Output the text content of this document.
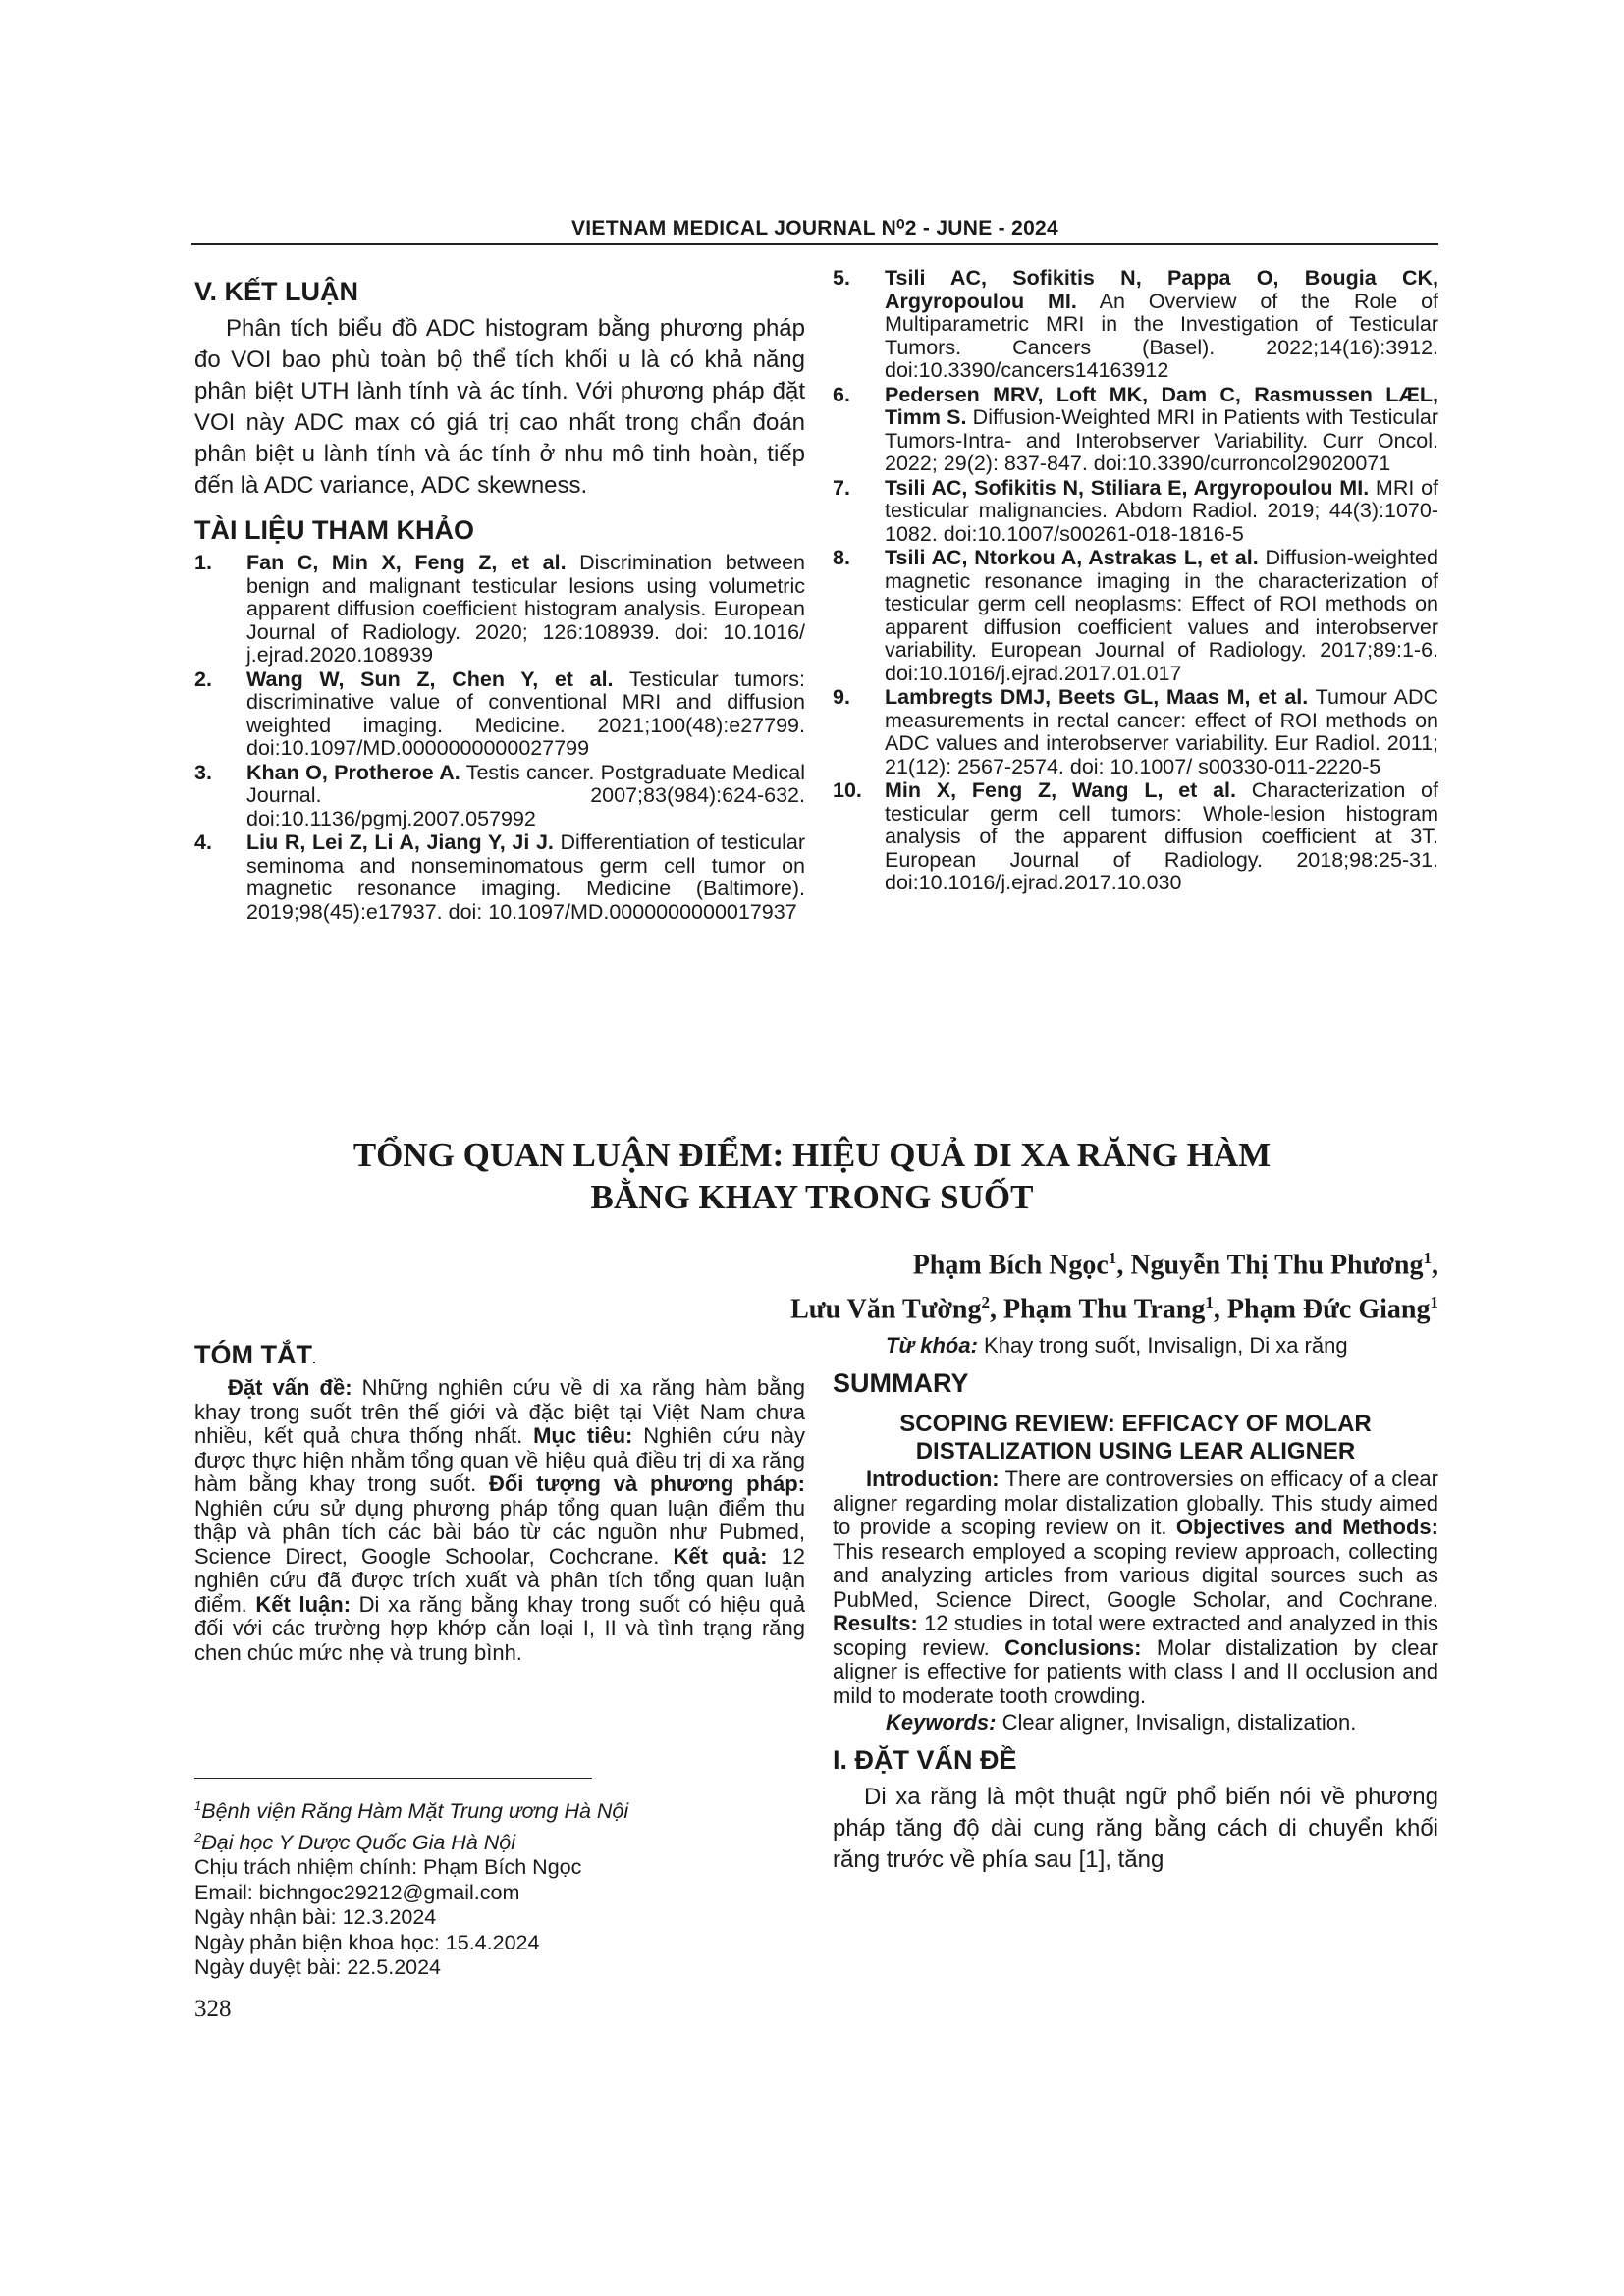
VIETNAM MEDICAL JOURNAL N⁰2 - JUNE - 2024
V. KẾT LUẬN

Phân tích biểu đồ ADC histogram bằng phương pháp đo VOI bao phù toàn bộ thể tích khối u là có khả năng phân biệt UTH lành tính và ác tính. Với phương pháp đặt VOI này ADC max có giá trị cao nhất trong chẩn đoán phân biệt u lành tính và ác tính ở nhu mô tinh hoàn, tiếp đến là ADC variance, ADC skewness.

TÀI LIỆU THAM KHẢO
1. Fan C, Min X, Feng Z, et al. Discrimination between benign and malignant testicular lesions using volumetric apparent diffusion coefficient histogram analysis. European Journal of Radiology. 2020; 126:108939. doi: 10.1016/ j.ejrad.2020.108939
2. Wang W, Sun Z, Chen Y, et al. Testicular tumors: discriminative value of conventional MRI and diffusion weighted imaging. Medicine. 2021;100(48):e27799. doi:10.1097/MD.0000000000027799
3. Khan O, Protheroe A. Testis cancer. Postgraduate Medical Journal. 2007;83(984):624-632. doi:10.1136/pgmj.2007.057992
4. Liu R, Lei Z, Li A, Jiang Y, Ji J. Differentiation of testicular seminoma and nonseminomatous germ cell tumor on magnetic resonance imaging. Medicine (Baltimore). 2019;98(45):e17937. doi: 10.1097/MD.0000000000017937
5. Tsili AC, Sofikitis N, Pappa O, Bougia CK, Argyropoulou MI. An Overview of the Role of Multiparametric MRI in the Investigation of Testicular Tumors. Cancers (Basel). 2022;14(16):3912. doi:10.3390/cancers14163912
6. Pedersen MRV, Loft MK, Dam C, Rasmussen LÆL, Timm S. Diffusion-Weighted MRI in Patients with Testicular Tumors-Intra- and Interobserver Variability. Curr Oncol. 2022; 29(2): 837-847. doi:10.3390/curroncol29020071
7. Tsili AC, Sofikitis N, Stiliara E, Argyropoulou MI. MRI of testicular malignancies. Abdom Radiol. 2019; 44(3):1070-1082. doi:10.1007/s00261-018-1816-5
8. Tsili AC, Ntorkou A, Astrakas L, et al. Diffusion-weighted magnetic resonance imaging in the characterization of testicular germ cell neoplasms: Effect of ROI methods on apparent diffusion coefficient values and interobserver variability. European Journal of Radiology. 2017;89:1-6. doi:10.1016/j.ejrad.2017.01.017
9. Lambregts DMJ, Beets GL, Maas M, et al. Tumour ADC measurements in rectal cancer: effect of ROI methods on ADC values and interobserver variability. Eur Radiol. 2011; 21(12): 2567-2574. doi: 10.1007/ s00330-011-2220-5
10. Min X, Feng Z, Wang L, et al. Characterization of testicular germ cell tumors: Whole-lesion histogram analysis of the apparent diffusion coefficient at 3T. European Journal of Radiology. 2018;98:25-31. doi:10.1016/j.ejrad.2017.10.030
TỔNG QUAN LUẬN ĐIỂM: HIỆU QUẢ DI XA RĂNG HÀM
BẰNG KHAY TRONG SUỐT
Phạm Bích Ngọc$^1$, Nguyễn Thị Thu Phương$^1$,
Lưu Văn Tường$^2$, Phạm Thu Trang$^1$, Phạm Đức Giang$^1$
TÓM TẮT.

Đặt vấn đề: Những nghiên cứu về di xa răng hàm bằng khay trong suốt trên thế giới và đặc biệt tại Việt Nam chưa nhiều, kết quả chưa thống nhất. Mục tiêu: Nghiên cứu này được thực hiện nhằm tổng quan về hiệu quả điều trị di xa răng hàm bằng khay trong suốt. Đối tượng và phương pháp: Nghiên cứu sử dụng phương pháp tổng quan luận điểm thu thập và phân tích các bài báo từ các nguồn như Pubmed, Science Direct, Google Schoolar, Cochcrane. Kết quả: 12 nghiên cứu đã được trích xuất và phân tích tổng quan luận điểm. Kết luận: Di xa răng bằng khay trong suốt có hiệu quả đối với các trường hợp khớp cắn loại I, II và tình trạng răng chen chúc mức nhẹ và trung bình.

Từ khóa: Khay trong suốt, Invisalign, Di xa răng

SUMMARY
SCOPING REVIEW: EFFICACY OF MOLAR
DISTALIZATION USING LEAR ALIGNER

Introduction: There are controversies on efficacy of a clear aligner regarding molar distalization globally. This study aimed to provide a scoping review on it. Objectives and Methods: This research employed a scoping review approach, collecting and analyzing articles from various digital sources such as PubMed, Science Direct, Google Scholar, and Cochrane. Results: 12 studies in total were extracted and analyzed in this scoping review. Conclusions: Molar distalization by clear aligner is effective for patients with class I and II occlusion and mild to moderate tooth crowding.

Keywords: Clear aligner, Invisalign, distalization.

I. ĐẶT VẤN ĐỀ

Di xa răng là một thuật ngữ phổ biến nói về phương pháp tăng độ dài cung răng bằng cách di chuyển khối răng trước về phía sau [1], tăng

$^1$Bệnh viện Răng Hàm Mặt Trung ương Hà Nội
$^2$Đại học Y Dược Quốc Gia Hà Nội
Chịu trách nhiệm chính: Phạm Bích Ngọc
Email: bichngoc29212@gmail.com
Ngày nhận bài: 12.3.2024
Ngày phản biện khoa học: 15.4.2024
Ngày duyệt bài: 22.5.2024
328
